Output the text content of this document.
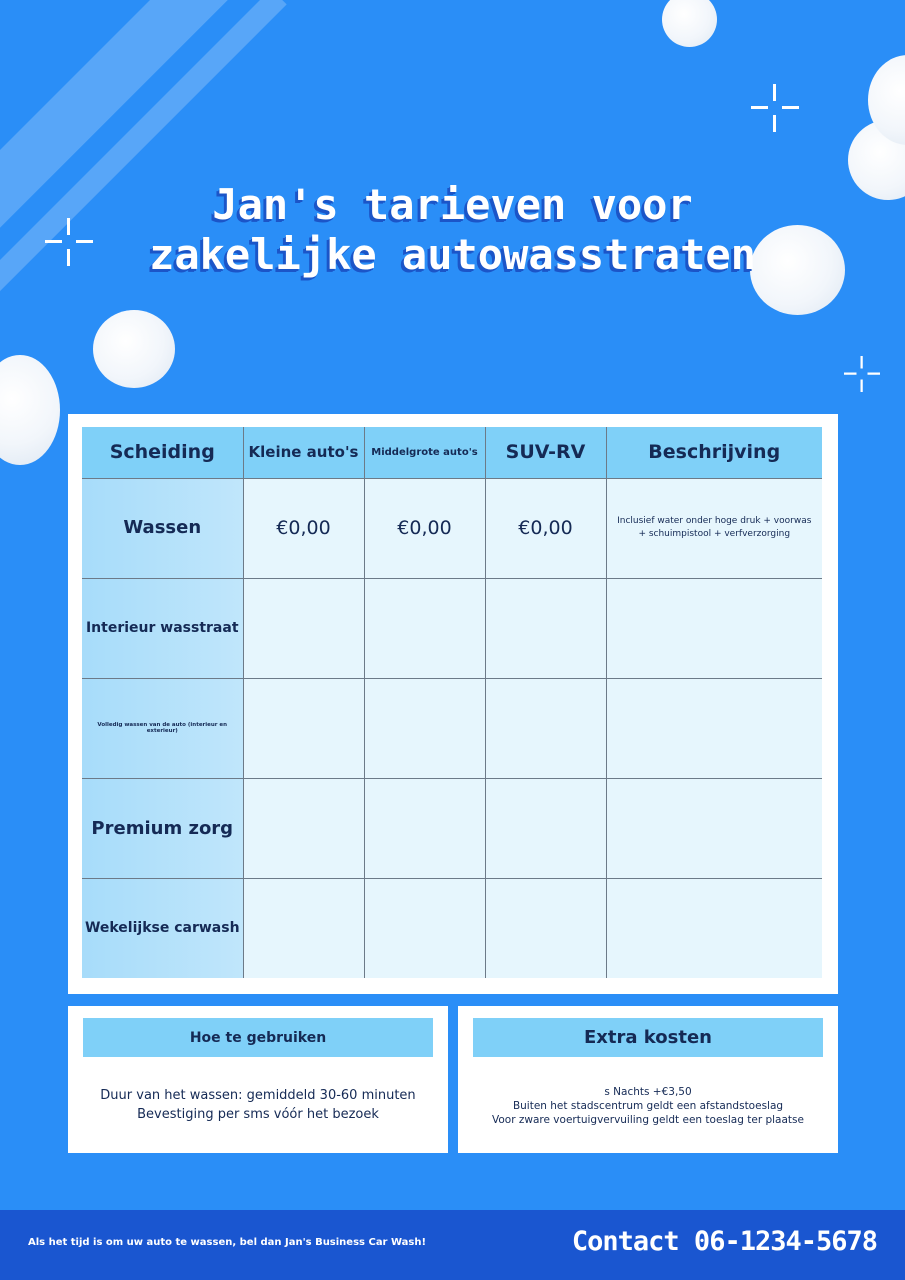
Jan's tarieven voor
zakelijke autowasstraten
Scheiding	Kleine auto's	Middelgrote auto's	SUV-RV	Beschrijving
Wassen	€0,00	€0,00	€0,00	Inclusief water onder hoge druk + voorwas + schuimpistool + verfverzorging
Interieur wasstraat				
Volledig wassen van de auto (interieur en exterieur)				
Premium zorg				
Wekelijkse carwash				
Hoe te gebruiken
Duur van het wassen: gemiddeld 30-60 minuten
Bevestiging per sms vóór het bezoek
Extra kosten
s Nachts +€3,50
Buiten het stadscentrum geldt een afstandstoeslag
Voor zware voertuigvervuiling geldt een toeslag ter plaatse
Als het tijd is om uw auto te wassen, bel dan Jan's Business Car Wash!	Contact 06-1234-5678
